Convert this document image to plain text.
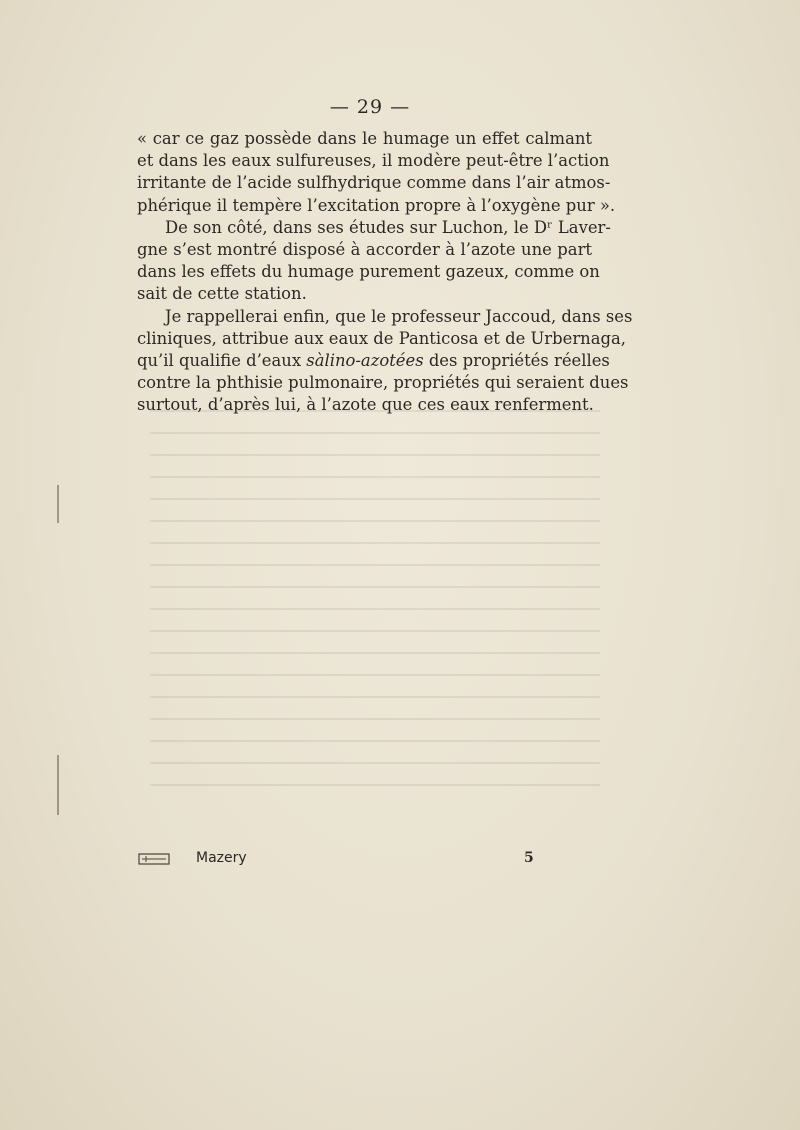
— 29 —

« car ce gaz possède dans le humage un effet calmant
et dans les eaux sulfureuses, il modère peut-être l’action
irritante de l’acide sulfhydrique comme dans l’air atmos-
phérique il tempère l’excitation propre à l’oxygène pur ».
De son côté, dans ses études sur Luchon, le Dʳ Laver-
gne s’est montré disposé à accorder à l’azote une part
dans les effets du humage purement gazeux, comme on
sait de cette station.

Je rappellerai enfin, que le professeur Jaccoud, dans ses
cliniques, attribue aux eaux de Panticosa et de Urbernaga,
qu’il qualifie d’eaux sàlino-azotées des propriétés réelles
contre la phthisie pulmonaire, propriétés qui seraient dues
surtout, d’après lui, à l’azote que ces eaux renferment.

Mazery	5
